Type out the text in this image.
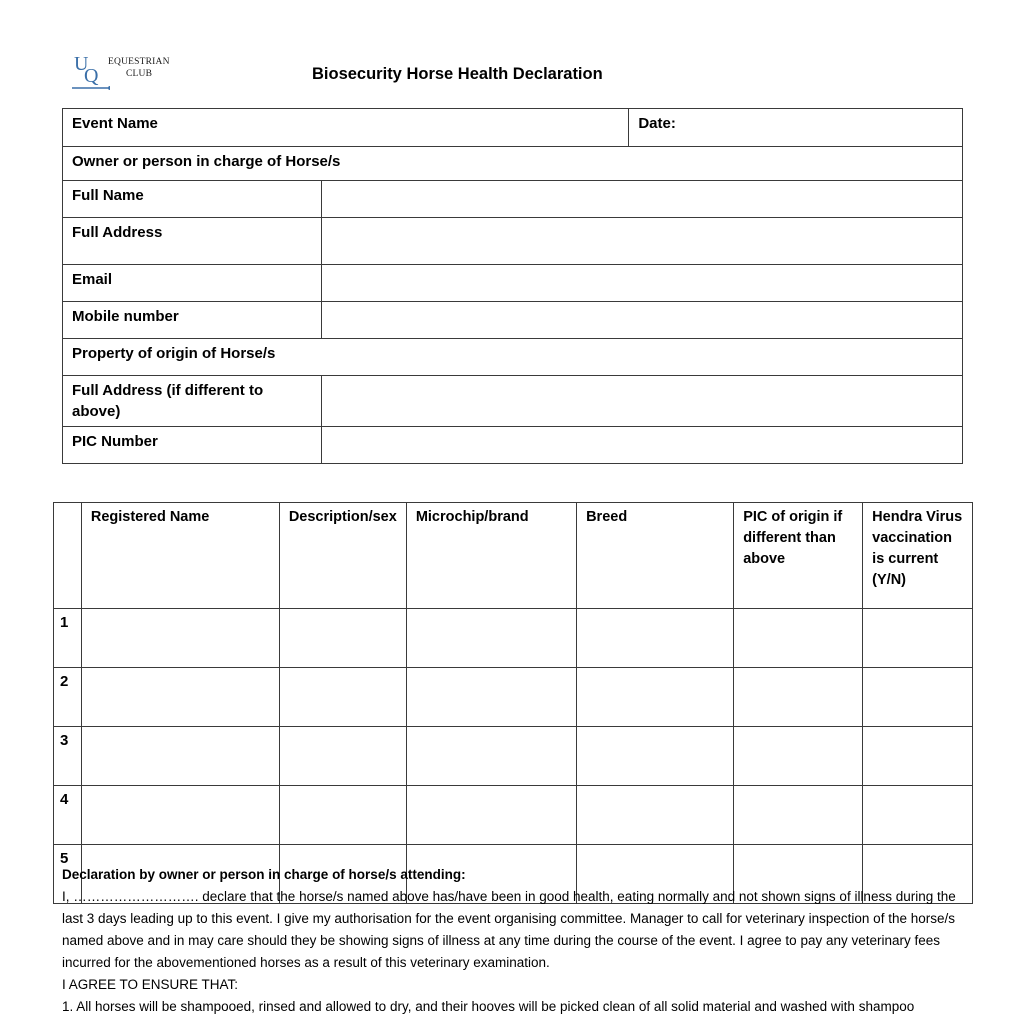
U
Q
EQUESTRIAN
CLUB	Biosecurity Horse Health Declaration
Event Name		Date:
Owner or person in charge of Horse/s		
Full Name		
Full Address		
Email		
Mobile number		
Property of origin of Horse/s		
Full Address (if different to above)		
PIC Number		
	Registered Name	Description/sex	Microchip/brand	Breed	PIC of origin if different than above	Hendra Virus vaccination is current (Y/N)
1						
2						
3						
4						
5						

Declaration by owner or person in charge of horse/s attending:

I, ………………………. declare that the horse/s named above has/have been in good health, eating normally and not shown signs of illness during the last 3 days leading up to this event. I give my authorisation for the event organising committee. Manager to call for veterinary inspection of the horse/s named above and in may care should they be showing signs of illness at any time during the course of the event. I agree to pay any veterinary fees incurred for the abovementioned horses as a result of this veterinary examination.

I AGREE TO ENSURE THAT:

1. All horses will be shampooed, rinsed and allowed to dry, and their hooves will be picked clean of all solid material and washed with shampoo
